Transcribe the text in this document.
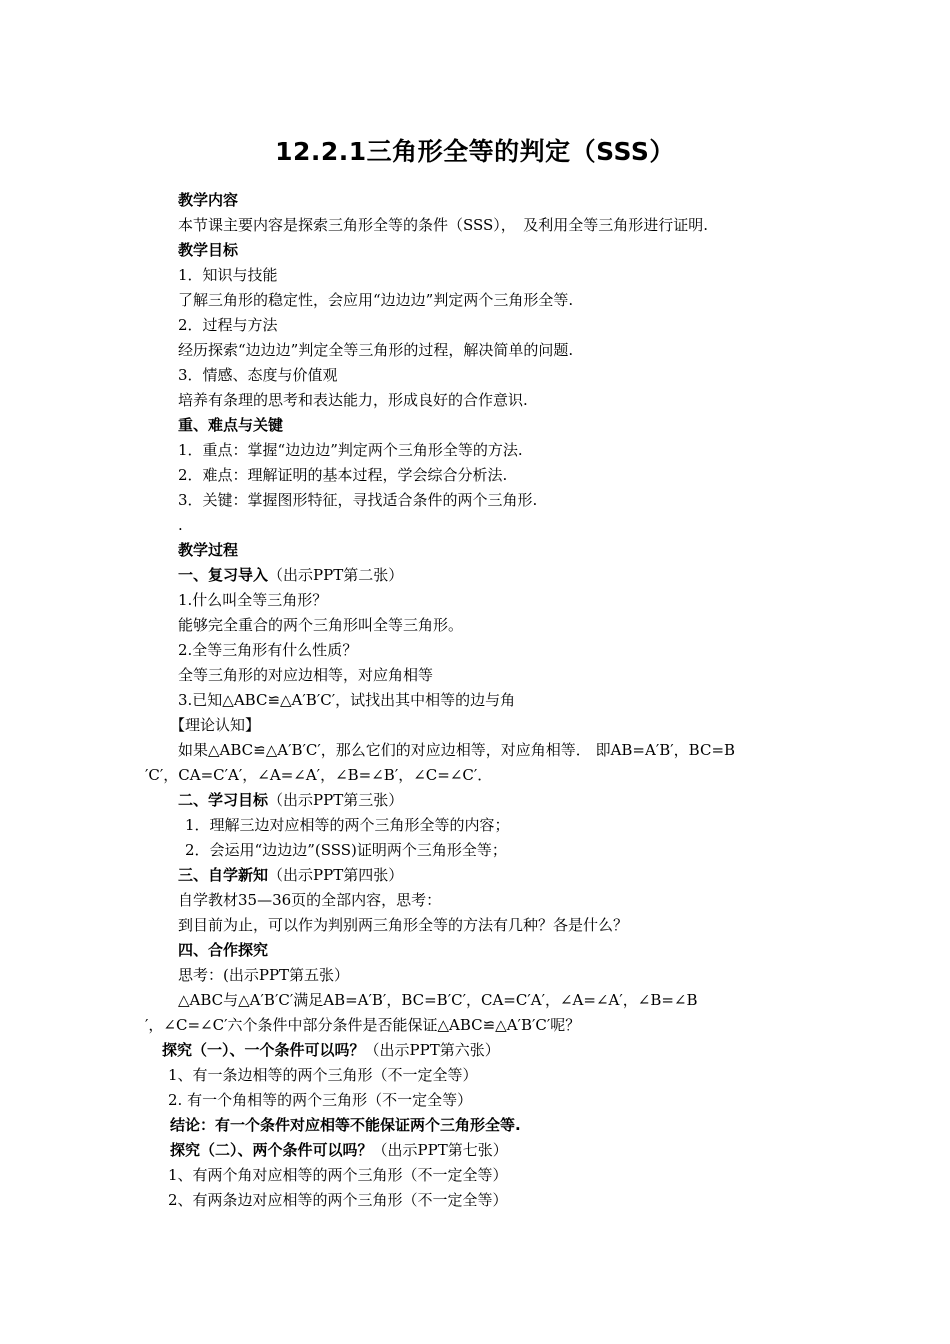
12.2.1三角形全等的判定（SSS）
教学内容
本节课主要内容是探索三角形全等的条件（SSS），　及利用全等三角形进行证明.
教学目标
1．知识与技能
了解三角形的稳定性，会应用“边边边”判定两个三角形全等.
2．过程与方法
经历探索“边边边”判定全等三角形的过程，解决简单的问题.
3．情感、态度与价值观
培养有条理的思考和表达能力，形成良好的合作意识.
重、难点与关键
1．重点：掌握“边边边”判定两个三角形全等的方法.
2．难点：理解证明的基本过程，学会综合分析法.
3．关键：掌握图形特征，寻找适合条件的两个三角形.
.
教学过程
一、复习导入（出示PPT第二张）
1.什么叫全等三角形？
能够完全重合的两个三角形叫全等三角形。
2.全等三角形有什么性质？
全等三角形的对应边相等，对应角相等
3.已知△ABC≌△A′B′C′，试找出其中相等的边与角
【理论认知】
如果△ABC≌△A′B′C′，那么它们的对应边相等，对应角相等． 即AB=A′B′，BC=B
′C′，CA=C′A′，∠A=∠A′，∠B=∠B′，∠C=∠C′．
二、学习目标（出示PPT第三张）
1．理解三边对应相等的两个三角形全等的内容；
2．会运用“边边边”(SSS)证明两个三角形全等；
三、自学新知（出示PPT第四张）
自学教材35—36页的全部内容，思考：
到目前为止，可以作为判别两三角形全等的方法有几种？各是什么？
四、合作探究
思考：(出示PPT第五张）
△ABC与△A′B′C′满足AB=A′B′，BC=B′C′，CA=C′A′，∠A=∠A′，∠B=∠B
′，∠C=∠C′六个条件中部分条件是否能保证△ABC≌△A′B′C′呢？
探究（一）、一个条件可以吗？（出示PPT第六张）
1、有一条边相等的两个三角形（不一定全等）
2. 有一个角相等的两个三角形（不一定全等）
结论：有一个条件对应相等不能保证两个三角形全等.
探究（二）、两个条件可以吗？（出示PPT第七张）
1、有两个角对应相等的两个三角形（不一定全等）
2、有两条边对应相等的两个三角形（不一定全等）
